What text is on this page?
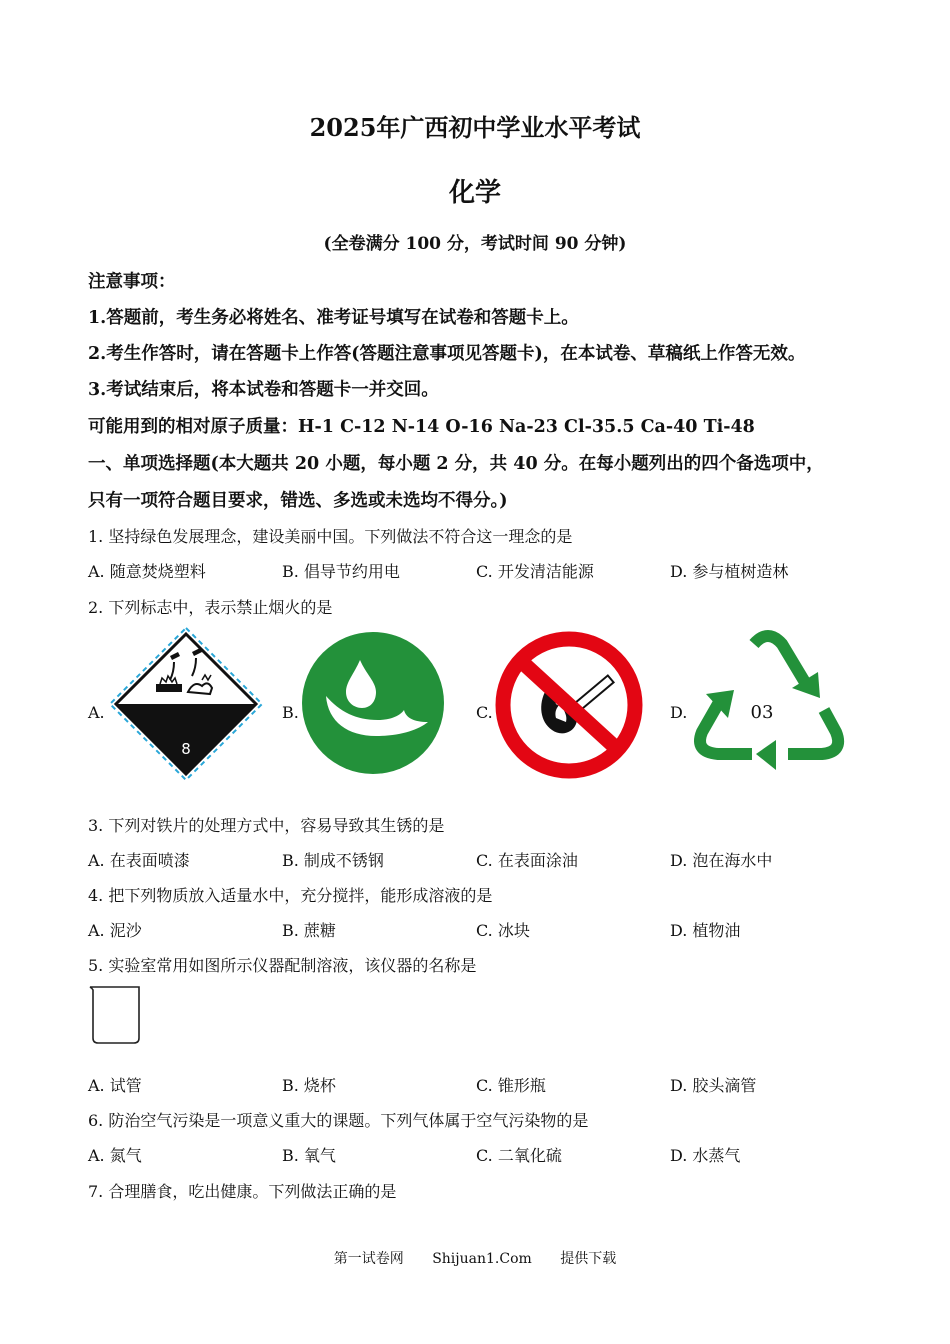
2025年广西初中学业水平考试
化学
(全卷满分 100 分，考试时间 90 分钟)
注意事项：
1.答题前，考生务必将姓名、准考证号填写在试卷和答题卡上。
2.考生作答时，请在答题卡上作答(答题注意事项见答题卡)，在本试卷、草稿纸上作答无效。
3.考试结束后，将本试卷和答题卡一并交回。
可能用到的相对原子质量：H-1 C-12 N-14 O-16 Na-23 Cl-35.5 Ca-40 Ti-48
一、单项选择题(本大题共 20 小题，每小题 2 分，共 40 分。在每小题列出的四个备选项中，
只有一项符合题目要求，错选、多选或未选均不得分。)
1. 坚持绿色发展理念，建设美丽中国。下列做法不符合这一理念的是
A. 随意焚烧塑料	B. 倡导节约用电	C. 开发清洁能源	D. 参与植树造林
2. 下列标志中，表示禁止烟火的是
A.
8
B.	C.	D.	03
3. 下列对铁片的处理方式中，容易导致其生锈的是
A. 在表面喷漆	B. 制成不锈钢	C. 在表面涂油	D. 泡在海水中
4. 把下列物质放入适量水中，充分搅拌，能形成溶液的是
A. 泥沙	B. 蔗糖	C. 冰块	D. 植物油
5. 实验室常用如图所示仪器配制溶液，该仪器的名称是
A. 试管	B. 烧杯	C. 锥形瓶	D. 胶头滴管
6. 防治空气污染是一项意义重大的课题。下列气体属于空气污染物的是
A. 氮气	B. 氧气	C. 二氧化硫	D. 水蒸气
7. 合理膳食，吃出健康。下列做法正确的是
第一试卷网 Shijuan1.Com 提供下载
